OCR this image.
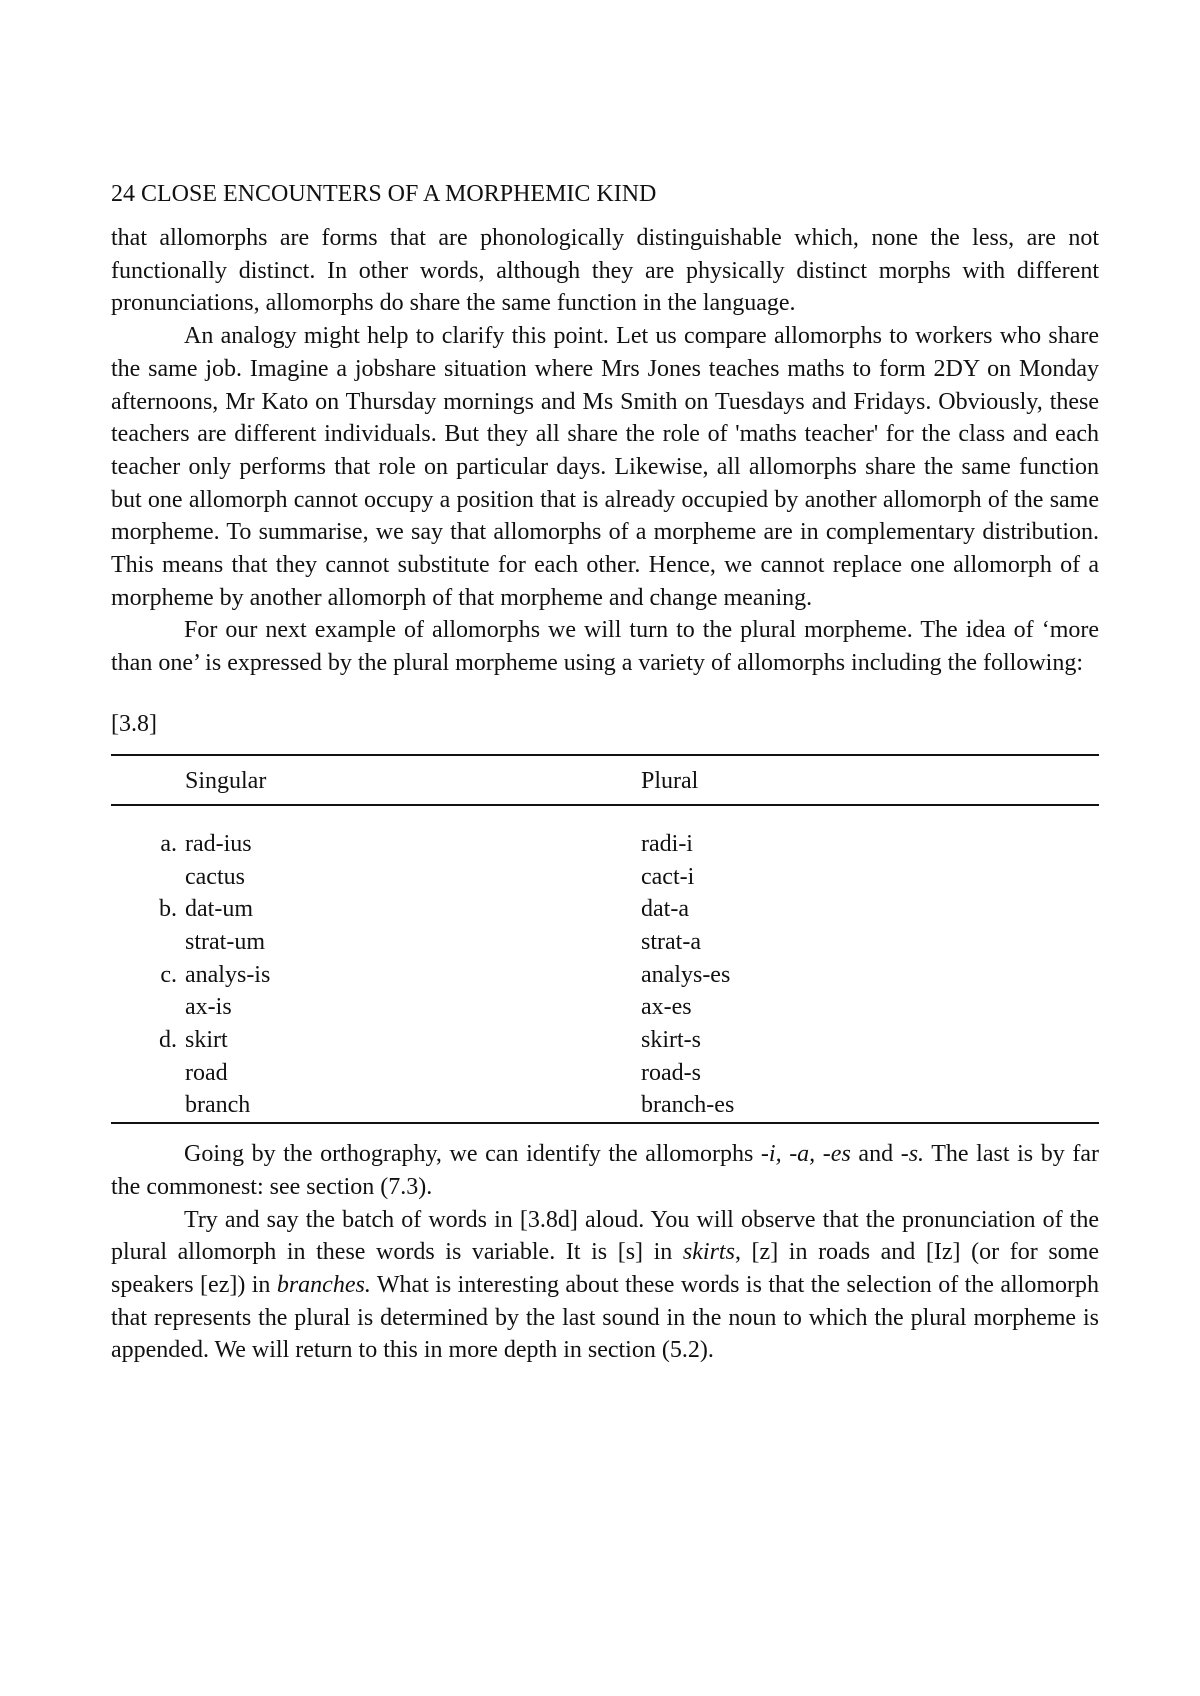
24 CLOSE ENCOUNTERS OF A MORPHEMIC KIND

that allomorphs are forms that are phonologically distinguishable which, none the less, are not functionally distinct. In other words, although they are physically distinct morphs with different pronunciations, allomorphs do share the same function in the language.

An analogy might help to clarify this point. Let us compare allomorphs to workers who share the same job. Imagine a jobshare situation where Mrs Jones teaches maths to form 2DY on Monday afternoons, Mr Kato on Thursday mornings and Ms Smith on Tuesdays and Fridays. Obviously, these teachers are different individuals. But they all share the role of 'maths teacher' for the class and each teacher only performs that role on particular days. Likewise, all allomorphs share the same function but one allomorph cannot occupy a position that is already occupied by another allomorph of the same morpheme. To summarise, we say that allomorphs of a morpheme are in complementary distribution. This means that they cannot substitute for each other. Hence, we cannot replace one allomorph of a morpheme by another allomorph of that morpheme and change meaning.

For our next example of allomorphs we will turn to the plural morpheme. The idea of ‘more than one’ is expressed by the plural morpheme using a variety of allomorphs including the following:

[3.8]
	Singular	Plural
a.	rad-ius	radi-i
	cactus	cact-i
b.	dat-um	dat-a
	strat-um	strat-a
c.	analys-is	analys-es
	ax-is	ax-es
d.	skirt	skirt-s
	road	road-s
	branch	branch-es

Going by the orthography, we can identify the allomorphs -i, -a, -es and -s. The last is by far the commonest: see section (7.3).

Try and say the batch of words in [3.8d] aloud. You will observe that the pronunciation of the plural allomorph in these words is variable. It is [s] in skirts, [z] in roads and [Iz] (or for some speakers [ez]) in branches. What is interesting about these words is that the selection of the allomorph that represents the plural is determined by the last sound in the noun to which the plural morpheme is appended. We will return to this in more depth in section (5.2).
